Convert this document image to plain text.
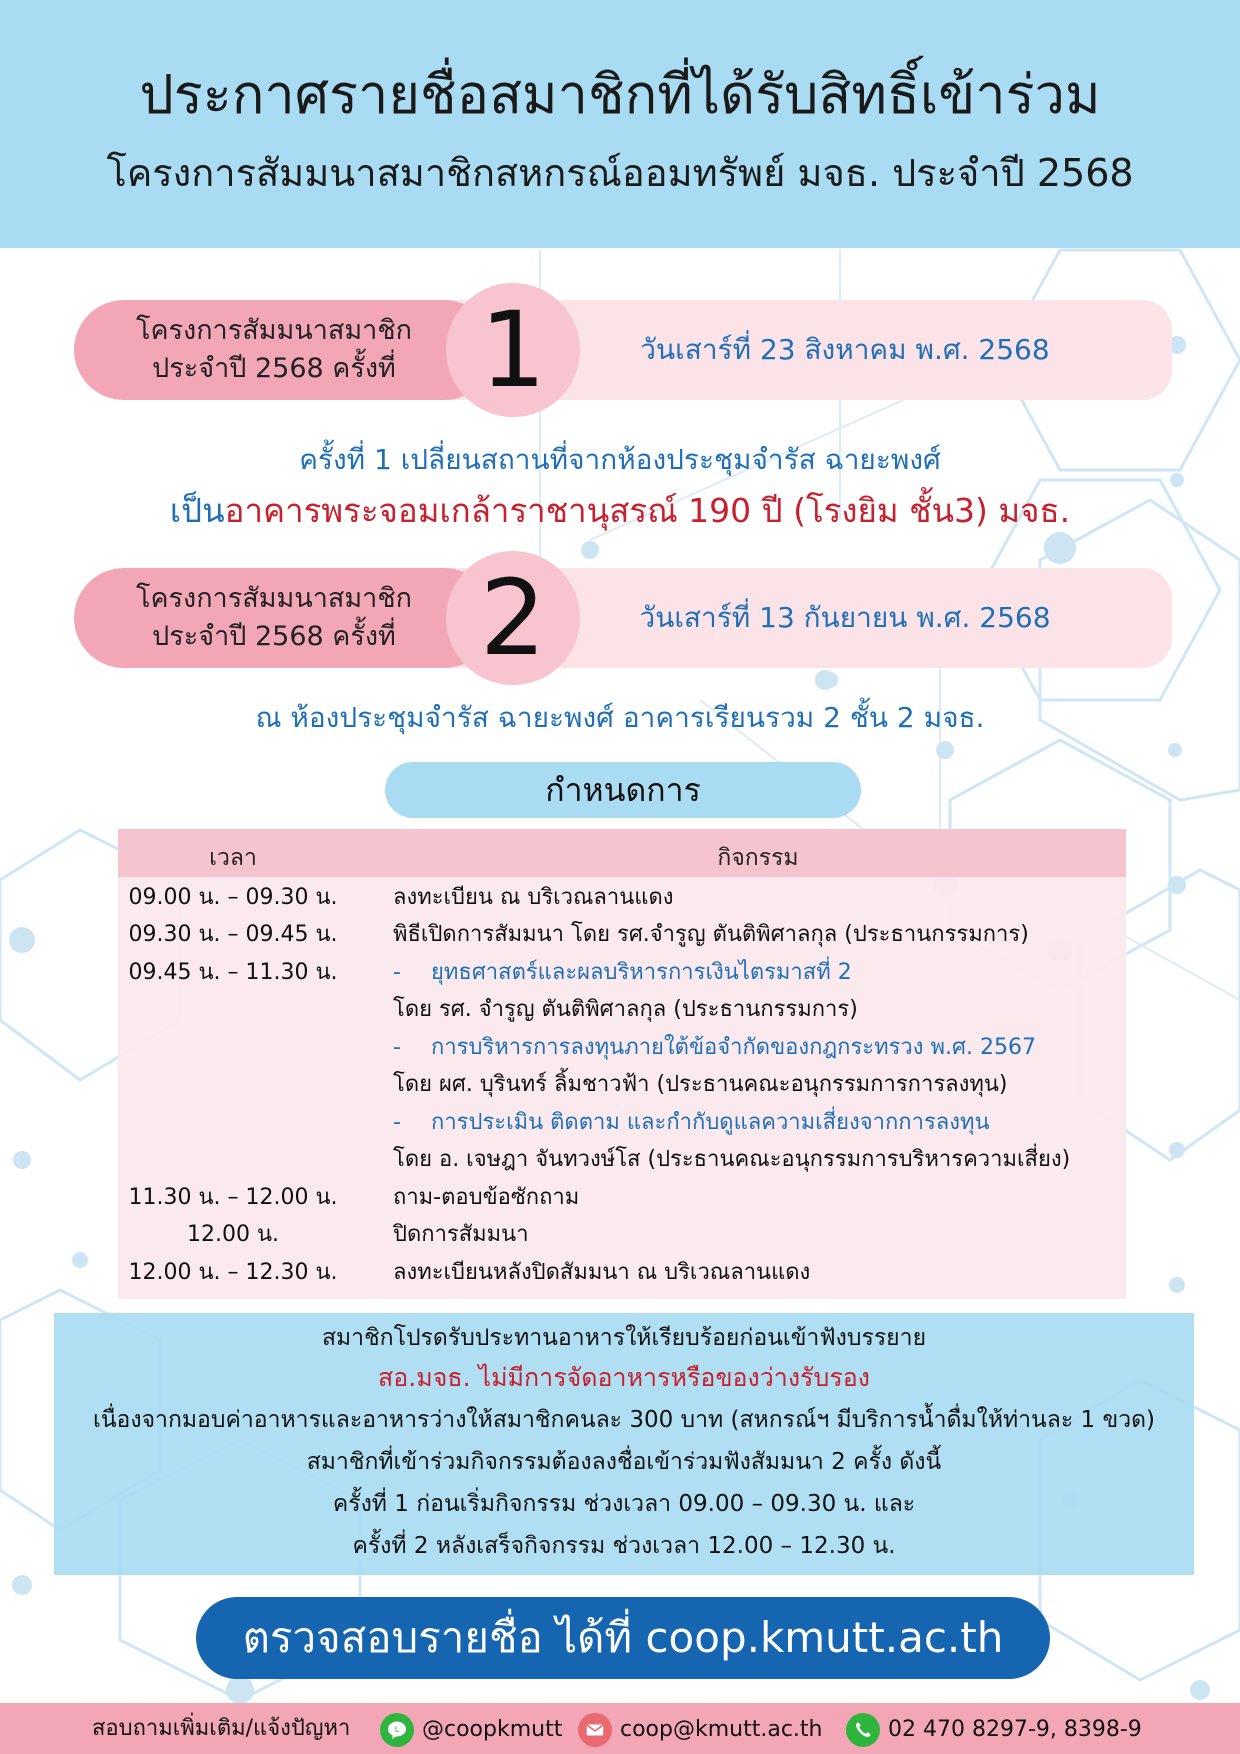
ประกาศรายชื่อสมาชิกที่ได้รับสิทธิ์เข้าร่วม
โครงการสัมมนาสมาชิกสหกรณ์ออมทรัพย์ มจธ. ประจำปี 2568
วันเสาร์ที่ 23 สิงหาคม พ.ศ. 2568
โครงการสัมมนาสมาชิก
ประจำปี 2568 ครั้งที่ 1
ครั้งที่ 1 เปลี่ยนสถานที่จากห้องประชุมจำรัส ฉายะพงศ์
เป็นอาคารพระจอมเกล้าราชานุสรณ์ 190 ปี (โรงยิม ชั้น3) มจธ.
วันเสาร์ที่ 13 กันยายน พ.ศ. 2568
โครงการสัมมนาสมาชิก
ประจำปี 2568 ครั้งที่ 2
ณ ห้องประชุมจำรัส ฉายะพงศ์ อาคารเรียนรวม 2 ชั้น 2 มจธ.
กำหนดการ
เวลา	กิจกรรม
09.00 น. – 09.30 น.	ลงทะเบียน ณ บริเวณลานแดง
09.30 น. – 09.45 น.	พิธีเปิดการสัมมนา โดย รศ.จำรูญ ตันติพิศาลกุล (ประธานกรรมการ)
09.45 น. – 11.30 น.	- ยุทธศาสตร์และผลบริหารการเงินไตรมาสที่ 2
โดย รศ. จำรูญ ตันติพิศาลกุล (ประธานกรรมการ)
- การบริหารการลงทุนภายใต้ข้อจำกัดของกฎกระทรวง พ.ศ. 2567
โดย ผศ. บุรินทร์ ลิ้มชาวฟ้า (ประธานคณะอนุกรรมการการลงทุน)
- การประเมิน ติดตาม และกำกับดูแลความเสี่ยงจากการลงทุน
โดย อ. เจษฎา จันทวงษ์โส (ประธานคณะอนุกรรมการบริหารความเสี่ยง)
11.30 น. – 12.00 น.	ถาม-ตอบข้อซักถาม
12.00 น.	ปิดการสัมมนา
12.00 น. – 12.30 น.	ลงทะเบียนหลังปิดสัมมนา ณ บริเวณลานแดง
สมาชิกโปรดรับประทานอาหารให้เรียบร้อยก่อนเข้าฟังบรรยาย
สอ.มจธ. ไม่มีการจัดอาหารหรือของว่างรับรอง
เนื่องจากมอบค่าอาหารและอาหารว่างให้สมาชิกคนละ 300 บาท (สหกรณ์ฯ มีบริการน้ำดื่มให้ท่านละ 1 ขวด)
สมาชิกที่เข้าร่วมกิจกรรมต้องลงชื่อเข้าร่วมฟังสัมมนา 2 ครั้ง ดังนี้
ครั้งที่ 1 ก่อนเริ่มกิจกรรม ช่วงเวลา 09.00 – 09.30 น. และ
ครั้งที่ 2 หลังเสร็จกิจกรรม ช่วงเวลา 12.00 – 12.30 น.
ตรวจสอบรายชื่อ ได้ที่ coop.kmutt.ac.th
สอบถามเพิ่มเติม/แจ้งปัญหา	L @coopkmutt	coop@kmutt.ac.th	02 470 8297-9, 8398-9
